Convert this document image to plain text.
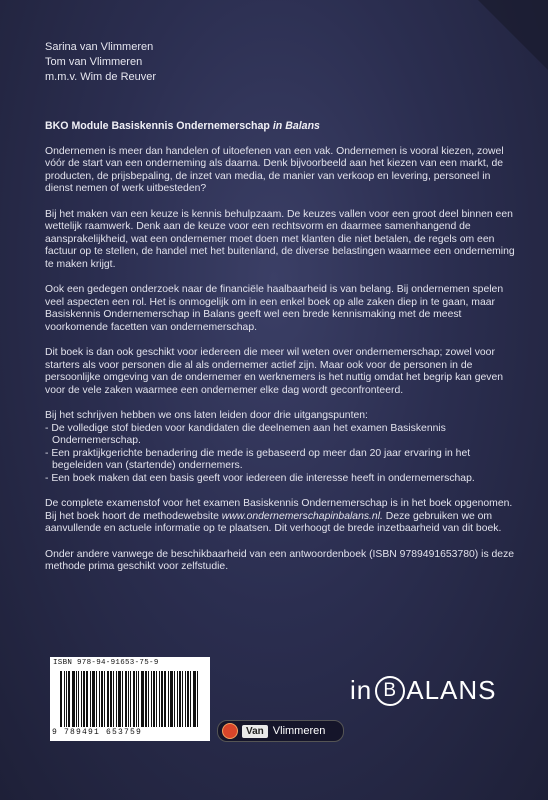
Sarina van Vlimmeren
Tom van Vlimmeren
m.m.v. Wim de Reuver
BKO Module Basiskennis Ondernemerschap in Balans

Ondernemen is meer dan handelen of uitoefenen van een vak. Ondernemen is vooral kiezen, zowel vóór de start van een onderneming als daarna. Denk bijvoorbeeld aan het kiezen van een markt, de producten, de prijsbepaling, de inzet van media, de manier van verkoop en levering, personeel in dienst nemen of werk uitbesteden?

Bij het maken van een keuze is kennis behulpzaam. De keuzes vallen voor een groot deel binnen een wettelijk raamwerk. Denk aan de keuze voor een rechtsvorm en daarmee samenhangend de aansprakelijkheid, wat een ondernemer moet doen met klanten die niet betalen, de regels om een factuur op te stellen, de handel met het buitenland, de diverse belastingen waarmee een onderneming te maken krijgt.

Ook een gedegen onderzoek naar de financiële haalbaarheid is van belang. Bij ondernemen spelen veel aspecten een rol. Het is onmogelijk om in een enkel boek op alle zaken diep in te gaan, maar Basiskennis Ondernemerschap in Balans geeft wel een brede kennismaking met de meest voorkomende facetten van ondernemerschap.

Dit boek is dan ook geschikt voor iedereen die meer wil weten over ondernemerschap; zowel voor starters als voor personen die al als ondernemer actief zijn. Maar ook voor de personen in de persoonlijke omgeving van de ondernemer en werknemers is het nuttig omdat het begrip kan geven voor de vele zaken waarmee een ondernemer elke dag wordt geconfronteerd.

Bij het schrijven hebben we ons laten leiden door drie uitgangspunten:
- De volledige stof bieden voor kandidaten die deelnemen aan het examen Basiskennis Ondernemerschap.
- Een praktijkgerichte benadering die mede is gebaseerd op meer dan 20 jaar ervaring in het begeleiden van (startende) ondernemers.
- Een boek maken dat een basis geeft voor iedereen die interesse heeft in ondernemerschap.

De complete examenstof voor het examen Basiskennis Ondernemerschap is in het boek opgenomen. Bij het boek hoort de methodewebsite www.ondernemerschapinbalans.nl. Deze gebruiken we om aanvullende en actuele informatie op te plaatsen. Dit verhoogt de brede inzetbaarheid van dit boek.

Onder andere vanwege de beschikbaarheid van een antwoordenboek (ISBN 9789491653780) is deze methode prima geschikt voor zelfstudie.

ISBN 978-94-91653-75-9
9 789491 653759
in B ALANS
Van Vlimmeren
